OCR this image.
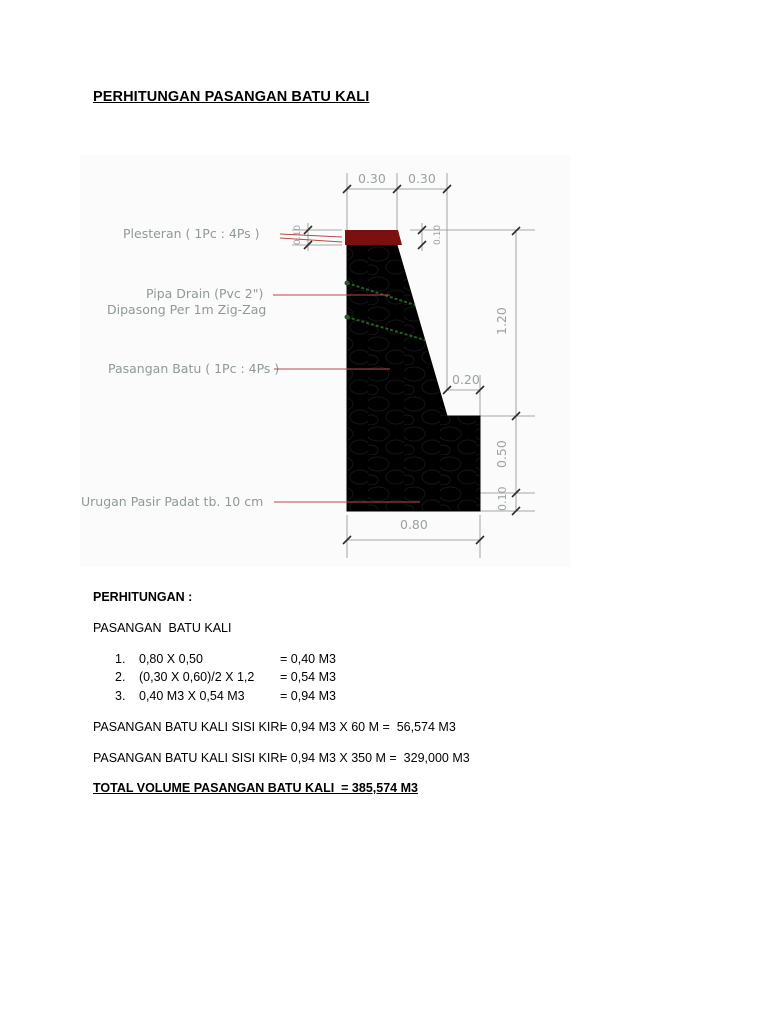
PERHITUNGAN PASANGAN BATU KALI
0.30 0.30
1.20
0.50
0.10
0.10	0.10
0.20
0.80
Plesteran ( 1Pc : 4Ps )
Pipa Drain (Pvc 2")
Dipasong Per 1m Zig-Zag
Pasangan Batu ( 1Pc : 4Ps )
Urugan Pasir Padat tb. 10 cm
PERHITUNGAN :
PASANGAN  BATU KALI
1. 0,80 X 0,50	= 0,40 M3
2. (0,30 X 0,60)/2 X 1,2 = 0,54 M3
3. 0,40 M3 X 0,54 M3	= 0,94 M3
PASANGAN BATU KALI SISI KIRI
= 0,94 M3 X 60 M =  56,574 M3
PASANGAN BATU KALI SISI KIRI
= 0,94 M3 X 350 M =  329,000 M3
TOTAL VOLUME PASANGAN BATU KALI  = 385,574 M3
